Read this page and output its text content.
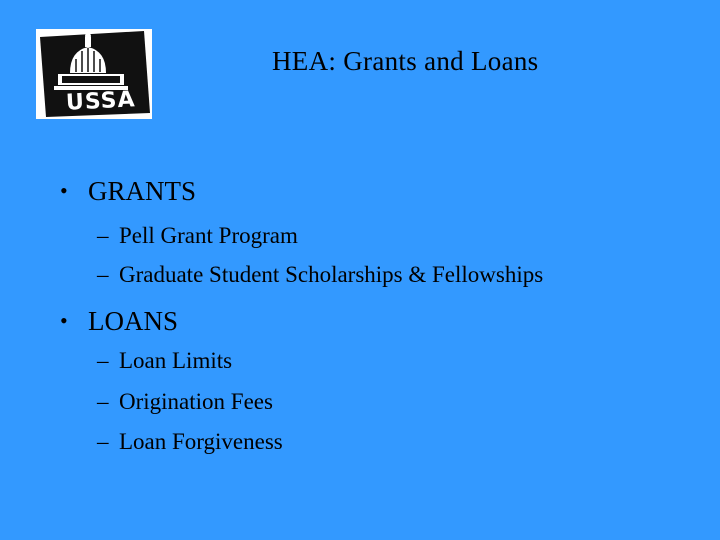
USSA
HEA: Grants and Loans
• GRANTS
– Pell Grant Program
– Graduate Student Scholarships & Fellowships
• LOANS
– Loan Limits
– Origination Fees
– Loan Forgiveness
